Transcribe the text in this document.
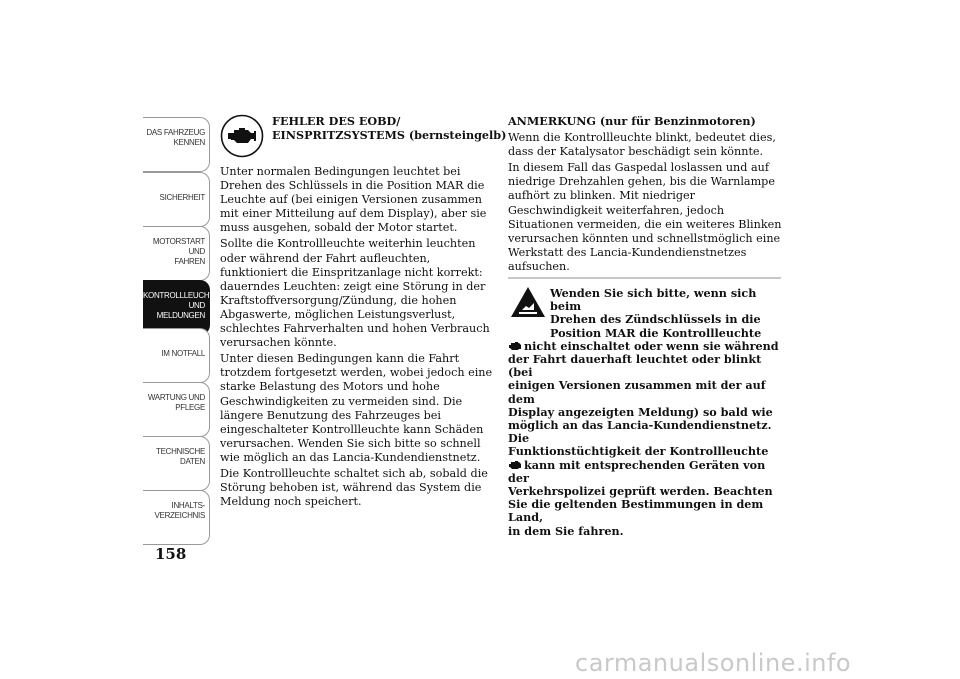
DAS FAHRZEUG
KENNEN
SICHERHEIT
MOTORSTART UND
FAHREN
KONTROLLLEUCHTEN
UND MELDUNGEN
IM NOTFALL
WARTUNG UND
PFLEGE
TECHNISCHE
DATEN
INHALTS-
VERZEICHNIS
158
FEHLER DES EOBD/
EINSPRITZSYSTEMS (bernsteingelb)

Unter normalen Bedingungen leuchtet bei Drehen des Schlüssels in die Position MAR die Leuchte auf (bei einigen Versionen zusammen mit einer Mitteilung auf dem Display), aber sie muss ausgehen, sobald der Motor startet.

Sollte die Kontrollleuchte weiterhin leuchten oder während der Fahrt aufleuchten, funktioniert die Einspritzanlage nicht korrekt: dauerndes Leuchten: zeigt eine Störung in der Kraftstoffversorgung/Zündung, die hohen Abgaswerte, möglichen Leistungsverlust, schlechtes Fahrverhalten und hohen Verbrauch verursachen könnte.

Unter diesen Bedingungen kann die Fahrt trotzdem fortgesetzt werden, wobei jedoch eine starke Belastung des Motors und hohe Geschwindigkeiten zu vermeiden sind. Die längere Benutzung des Fahrzeuges bei eingeschalteter Kontrollleuchte kann Schäden verursachen. Wenden Sie sich bitte so schnell wie möglich an das Lancia-Kundendienstnetz.

Die Kontrollleuchte schaltet sich ab, sobald die Störung behoben ist, während das System die Meldung noch speichert.

ANMERKUNG (nur für Benzinmotoren)

Wenn die Kontrollleuchte blinkt, bedeutet dies, dass der Katalysator beschädigt sein könnte.

In diesem Fall das Gaspedal loslassen und auf niedrige Drehzahlen gehen, bis die Warnlampe aufhört zu blinken. Mit niedriger Geschwindigkeit weiterfahren, jedoch Situationen vermeiden, die ein weiteres Blinken verursachen könnten und schnellstmöglich eine Werkstatt des Lancia-Kundendienstnetzes aufsuchen.

Wenden Sie sich bitte, wenn sich beim
Drehen des Zündschlüssels in die
Position MAR die Kontrollleuchte
nicht einschaltet oder wenn sie während
der Fahrt dauerhaft leuchtet oder blinkt (bei
einigen Versionen zusammen mit der auf dem
Display angezeigten Meldung) so bald wie
möglich an das Lancia-Kundendienstnetz. Die
Funktionstüchtigkeit der Kontrollleuchte
kann mit entsprechenden Geräten von der
Verkehrspolizei geprüft werden. Beachten
Sie die geltenden Bestimmungen in dem Land,
in dem Sie fahren.
carmanualsonline.info
